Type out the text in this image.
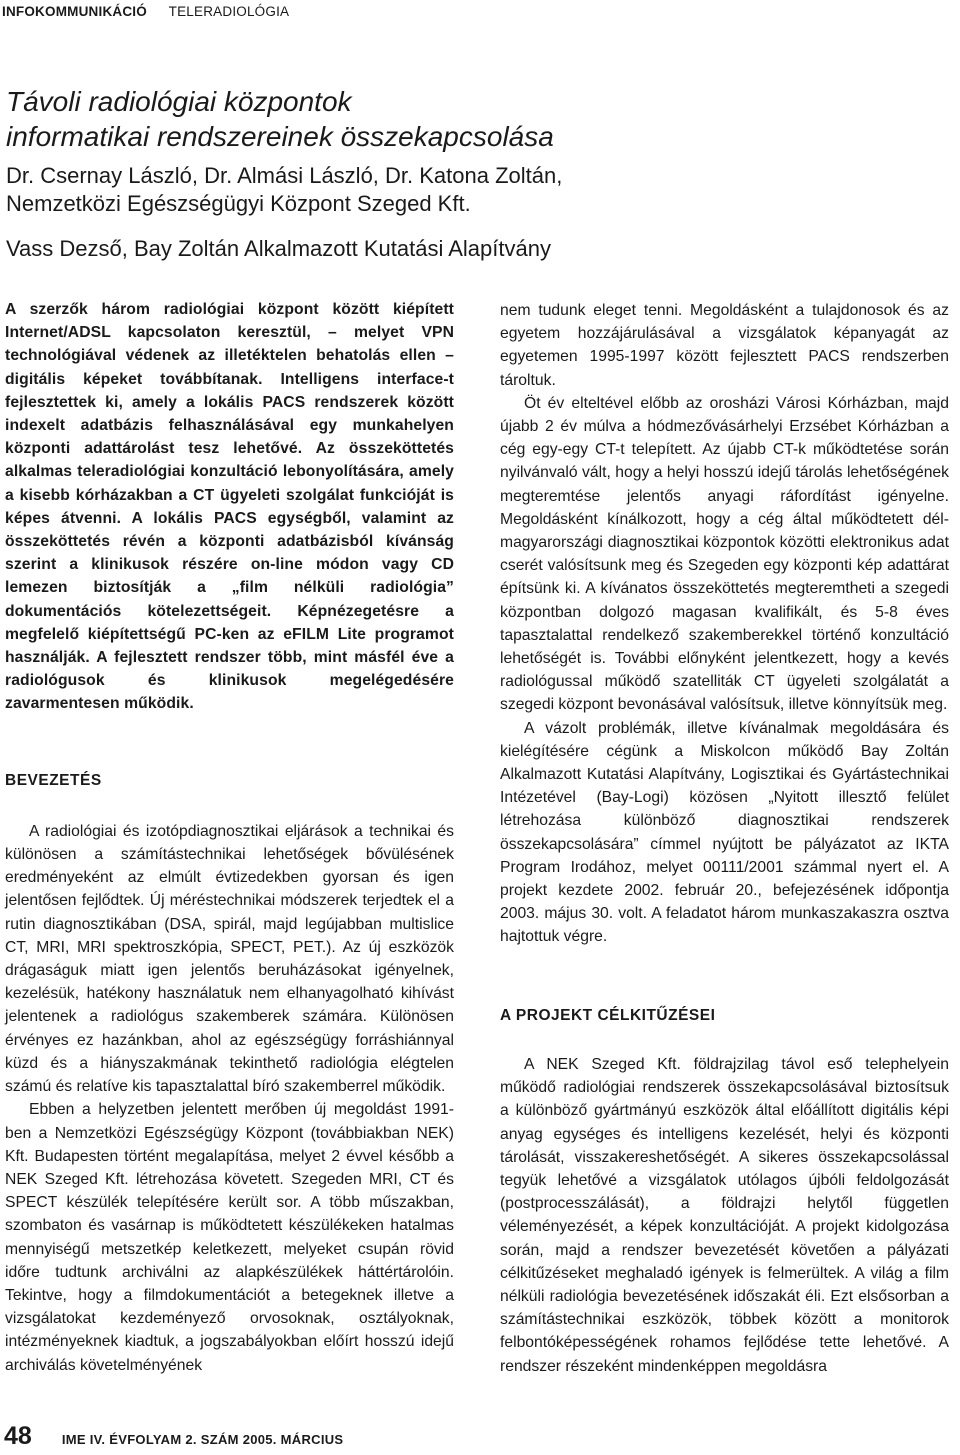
INFOKOMMUNIKÁCIÓ TELERADIOLÓGIA
Távoli radiológiai központok
informatikai rendszereinek összekapcsolása
Dr. Csernay László, Dr. Almási László, Dr. Katona Zoltán,
Nemzetközi Egészségügyi Központ Szeged Kft.
Vass Dezső, Bay Zoltán Alkalmazott Kutatási Alapítvány

A szerzők három radiológiai központ között kiépített Internet/ADSL kapcsolaton keresztül, – melyet VPN technológiával védenek az illetéktelen behatolás ellen – digitális képeket továbbítanak. Intelligens interface-t fejlesztettek ki, amely a lokális PACS rendszerek között indexelt adatbázis felhasználásával egy munkahelyen központi adattárolást tesz lehetővé. Az összeköttetés alkalmas teleradiológiai konzultáció lebonyolítására, amely a kisebb kórházakban a CT ügyeleti szolgálat funkcióját is képes átvenni. A lokális PACS egységből, valamint az összeköttetés révén a központi adatbázisból kívánság szerint a klinikusok részére on-line módon vagy CD lemezen biztosítják a „film nélküli radiológia” dokumentációs kötelezettségeit. Képnézegetésre a megfelelő kiépítettségű PC-ken az eFILM Lite programot használják. A fejlesztett rendszer több, mint másfél éve a radiológusok és klinikusok megelégedésére zavarmentesen működik.

BEVEZETÉS

A radiológiai és izotópdiagnosztikai eljárások a technikai és különösen a számítástechnikai lehetőségek bővülésének eredményeként az elmúlt évtizedekben gyorsan és igen jelentősen fejlődtek. Új méréstechnikai módszerek terjedtek el a rutin diagnosztikában (DSA, spirál, majd legújabban multislice CT, MRI, MRI spektroszkópia, SPECT, PET.). Az új eszközök drágaságuk miatt igen jelentős beruházásokat igényelnek, kezelésük, hatékony használatuk nem elhanyagolható kihívást jelentenek a radiológus szakemberek számára. Különösen érvényes ez hazánkban, ahol az egészségügy forráshiánnyal küzd és a hiányszakmának tekinthető radiológia elégtelen számú és relatíve kis tapasztalattal bíró szakemberrel működik.

Ebben a helyzetben jelentett merőben új megoldást 1991-ben a Nemzetközi Egészségügy Központ (továbbiakban NEK) Kft. Budapesten történt megalapítása, melyet 2 évvel később a NEK Szeged Kft. létrehozása követett. Szegeden MRI, CT és SPECT készülék telepítésére került sor. A több műszakban, szombaton és vasárnap is működtetett készülékeken hatalmas mennyiségű metszetkép keletkezett, melyeket csupán rövid időre tudtunk archiválni az alapkészülékek háttértárolóin. Tekintve, hogy a filmdokumentációt a betegeknek illetve a vizsgálatokat kezdeményező orvosoknak, osztályoknak, intézményeknek kiadtuk, a jogszabályokban előírt hosszú idejű archiválás követelményének

nem tudunk eleget tenni. Megoldásként a tulajdonosok és az egyetem hozzájárulásával a vizsgálatok képanyagát az egyetemen 1995-1997 között fejlesztett PACS rendszerben tároltuk.

Öt év elteltével előbb az orosházi Városi Kórházban, majd újabb 2 év múlva a hódmezővásárhelyi Erzsébet Kórházban a cég egy-egy CT-t telepített. Az újabb CT-k működtetése során nyilvánvaló vált, hogy a helyi hosszú idejű tárolás lehetőségének megteremtése jelentős anyagi ráfordítást igényelne. Megoldásként kínálkozott, hogy a cég által működtetett dél-magyarországi diagnosztikai központok közötti elektronikus adat cserét valósítsunk meg és Szegeden egy központi kép adattárat építsünk ki. A kívánatos összeköttetés megteremtheti a szegedi központban dolgozó magasan kvalifikált, és 5-8 éves tapasztalattal rendelkező szakemberekkel történő konzultáció lehetőségét is. További előnyként jelentkezett, hogy a kevés radiológussal működő szatelliták CT ügyeleti szolgálatát a szegedi központ bevonásával valósítsuk, illetve könnyítsük meg.

A vázolt problémák, illetve kívánalmak megoldására és kielégítésére cégünk a Miskolcon működő Bay Zoltán Alkalmazott Kutatási Alapítvány, Logisztikai és Gyártástechnikai Intézetével (Bay-Logi) közösen „Nyitott illesztő felület létrehozása különböző diagnosztikai rendszerek összekapcsolására” címmel nyújtott be pályázatot az IKTA Program Irodához, melyet 00111/2001 számmal nyert el. A projekt kezdete 2002. február 20., befejezésének időpontja 2003. május 30. volt. A feladatot három munkaszakaszra osztva hajtottuk végre.

A PROJEKT CÉLKITŰZÉSEI

A NEK Szeged Kft. földrajzilag távol eső telephelyein működő radiológiai rendszerek összekapcsolásával biztosítsuk a különböző gyártmányú eszközök által előállított digitális képi anyag egységes és intelligens kezelését, helyi és központi tárolását, visszakereshetőségét. A sikeres összekapcsolással tegyük lehetővé a vizsgálatok utólagos újbóli feldolgozását (postprocesszálását), a földrajzi helytől független véleményezését, a képek konzultációját. A projekt kidolgozása során, majd a rendszer bevezetését követően a pályázati célkitűzéseket meghaladó igények is felmerültek. A világ a film nélküli radiológia bevezetésének időszakát éli. Ezt elsősorban a számítástechnikai eszközök, többek között a monitorok felbontóképességének rohamos fejlődése tette lehetővé. A rendszer részeként mindenképpen megoldásra

48 IME IV. ÉVFOLYAM 2. SZÁM 2005. MÁRCIUS
